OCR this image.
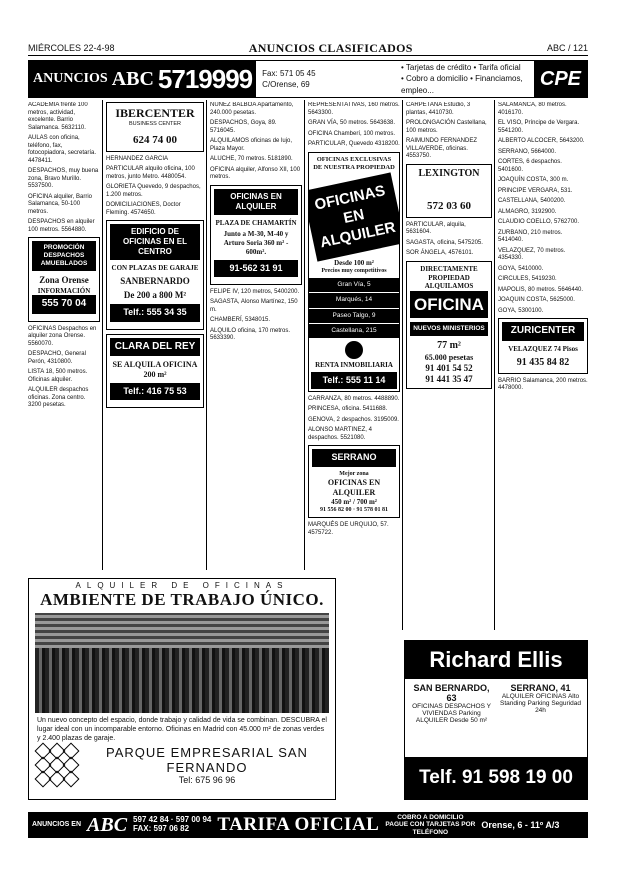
MIÉRCOLES 22-4-98	ANUNCIOS CLASIFICADOS	ABC / 121
ANUNCIOS ABC 5719999 Fax: 571 05 45
C/Orense, 69
• Tarjetas de crédito • Tarifa oficial
• Cobro a domicilio • Financiamos, empleo...
CPE

ACADEMIA frente 100 metros, actividad, excelente. Barrio Salamanca. 5632110.

AULAS con oficina, teléfono, fax, fotocopiadora, secretaría. 4478411.

DESPACHOS, muy buena zona, Bravo Murillo. 5537500.

OFICINA alquiler, Barrio Salamanca, 50-100 metros.

DESPACHOS en alquiler 100 metros. 5564880.

PROMOCIÓN DESPACHOS AMUEBLADOS
Zona Orense
INFORMACIÓN
555 70 04

OFICINAS Despachos en alquiler zona Orense. 5560070.

DESPACHO, General Perón, 4310800.

LISTA 18, 500 metros. Oficinas alquiler.

ALQUILER despachos oficinas. Zona centro. 3200 pesetas.

IBERCENTER
BUSINESS CENTER
624 74 00

HERNANDEZ GARCIA

PARTICULAR alquilo oficina, 100 metros, junto Metro. 4480054.

GLORIETA Quevedo, 9 despachos, 1.200 metros.

DOMICILIACIONES, Doctor Fleming. 4574650.

EDIFICIO DE OFICINAS EN EL CENTRO
CON PLAZAS DE GARAJE
SANBERNARDO
De 200 a 800 M²
Telf.: 555 34 35
CLARA DEL REY
SE ALQUILA OFICINA 200 m²
Telf.: 416 75 53

NUÑEZ BALBOA Apartamento, 240.000 pesetas.

DESPACHOS, Goya, 89. 5716045.

ALQUILAMOS oficinas de lujo, Plaza Mayor.

ALUCHE, 70 metros. 5181890.

OFICINA alquiler, Alfonso XII, 100 metros.

OFICINAS EN ALQUILER
PLAZA DE CHAMARTÍN
Junto a M-30, M-40 y Arturo Soria 360 m² - 600m².
91-562 31 91

FELIPE IV, 120 metros, 5400200.

SAGASTA, Alonso Martínez, 150 m.

CHAMBERÍ, 5348015.

ALQUILO oficina, 170 metros. 5633390.

REPRESENTATIVAS, 160 metros. 5643300.

GRAN VÍA, 50 metros. 5643638.

OFICINA Chamberí, 100 metros.

PARTICULAR, Quevedo 4318200.

OFICINAS EXCLUSIVAS DE NUESTRA PROPIEDAD
OFICINAS EN ALQUILER
Desde 100 m²
Precios muy competitivos
Gran Vía, 5
Marqués, 14
Paseo Talgo, 9
Castellana, 215
RENTA INMOBILIARIA
Telf.: 555 11 14

CARRANZA, 80 metros. 4488890.

PRINCESA, oficina. 5411688.

GENOVA, 2 despachos. 3195009.

ALONSO MARTINEZ, 4 despachos. 5521080.

SERRANO
Mejor zona
OFICINAS EN ALQUILER
450 m² / 700 m²
91 556 82 00 · 91 578 01 81

MARQUÉS DE URQUIJO, 57. 4575722.

CARPETANA Estudio, 3 plantas, 4410730.

PROLONGACIÓN Castellana, 100 metros.

RAIMUNDO FERNANDEZ VILLAVERDE, oficinas. 4553750.

LEXINGTON
572 03 60

PARTICULAR, alquila, 5631604.

SAGASTA, oficina, 5475205.

SOR ÁNGELA, 4576101.

DIRECTAMENTE PROPIEDAD ALQUILAMOS
OFICINA
NUEVOS MINISTERIOS
77 m²
65.000 pesetas
91 401 54 52
91 441 35 47

SALAMANCA, 80 metros. 4016170.

EL VISO, Príncipe de Vergara. 5541200.

ALBERTO ALCOCER, 5643200.

SERRANO, 5664000.

CORTES, 6 despachos. 5401600.

JOAQUÍN COSTA, 300 m.

PRINCIPE VERGARA, 531.

CASTELLANA, 5400200.

ALMAGRO, 3192900.

CLAUDIO COELLO, 5762700.

ZURBANO, 210 metros. 5414040.

VELAZQUEZ, 70 metros. 4354330.

GOYA, 5410000.

CIRCULES, 5419230.

MAPOLIS, 80 metros. 5646440.

JOAQUIN COSTA, 5625000.

GOYA, 5300100.

ZURICENTER
VELAZQUEZ 74 Pisos
91 435 84 82

BARRIO Salamanca, 200 metros. 4478000.

ALQUILER DE OFICINAS
AMBIENTE DE TRABAJO ÚNICO.
Un nuevo concepto del espacio, donde trabajo y calidad de vida se combinan. DESCUBRA el lugar ideal con un incomparable entorno. Oficinas en Madrid con 45.000 m² de zonas verdes y 2.400 plazas de garaje.
PARQUE EMPRESARIAL SAN FERNANDO
Tel: 675 96 96
Richard Ellis
SAN BERNARDO, 63
OFICINAS DESPACHOS Y VIVIENDAS Parking ALQUILER Desde 50 m²
SERRANO, 41
ALQUILER OFICINAS Alto Standing Parking Seguridad 24h
Telf. 91 598 19 00
ANUNCIOS EN ABC 597 42 84 · 597 00 94
FAX: 597 06 82	TARIFA OFICIAL	COBRO A DOMICILIO PAGUE CON TARJETAS POR TELÉFONO
Orense, 6 - 11º A/3
